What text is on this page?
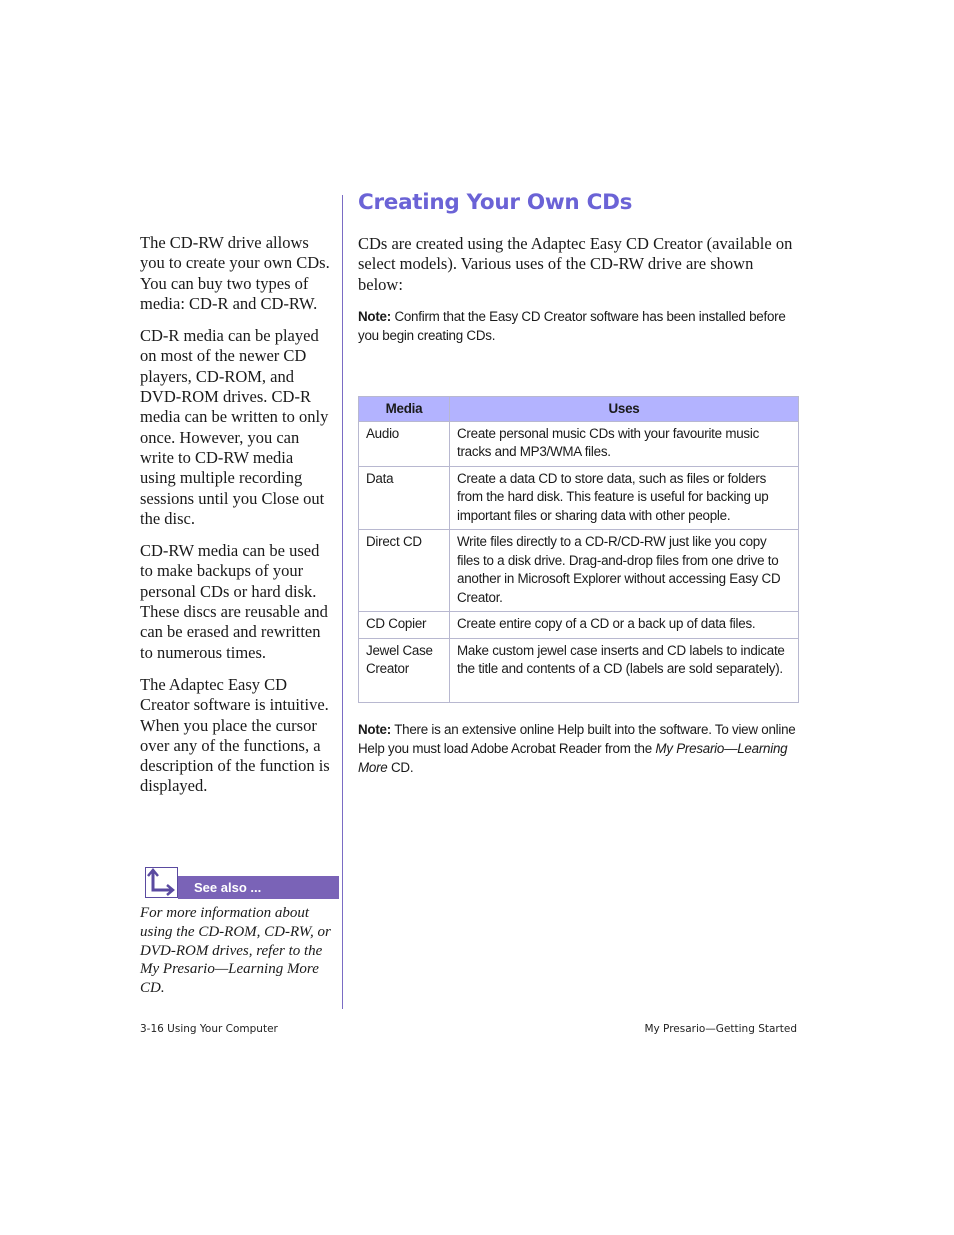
The CD-RW drive allows you to create your own CDs. You can buy two types of media: CD-R and CD-RW.

CD-R media can be played on most of the newer CD players, CD-ROM, and DVD-ROM drives. CD-R media can be written to only once. However, you can write to CD-RW media using multiple recording sessions until you Close out the disc.

CD-RW media can be used to make backups of your personal CDs or hard disk. These discs are reusable and can be erased and rewritten to numerous times.

The Adaptec Easy CD Creator software is intuitive. When you place the cursor over any of the functions, a description of the function is displayed.

See also ...
For more information about using the CD-ROM, CD-RW, or DVD-ROM drives, refer to the My Presario—Learning More CD.
Creating Your Own CDs

CDs are created using the Adaptec Easy CD Creator (available on select models). Various uses of the CD-RW drive are shown below:

Note: Confirm that the Easy CD Creator software has been installed before you begin creating CDs.

Media	Uses
Audio	Create personal music CDs with your favourite music tracks and MP3/WMA files.
Data	Create a data CD to store data, such as files or folders from the hard disk. This feature is useful for backing up important files or sharing data with other people.
Direct CD	Write files directly to a CD-R/CD-RW just like you copy files to a disk drive. Drag-and-drop files from one drive to another in Microsoft Explorer without accessing Easy CD Creator.
CD Copier	Create entire copy of a CD or a back up of data files.
Jewel Case Creator	Make custom jewel case inserts and CD labels to indicate the title and contents of a CD (labels are sold separately).

Note: There is an extensive online Help built into the software. To view online Help you must load Adobe Acrobat Reader from the My Presario—Learning More CD.

3-16 Using Your Computer	My Presario—Getting Started
